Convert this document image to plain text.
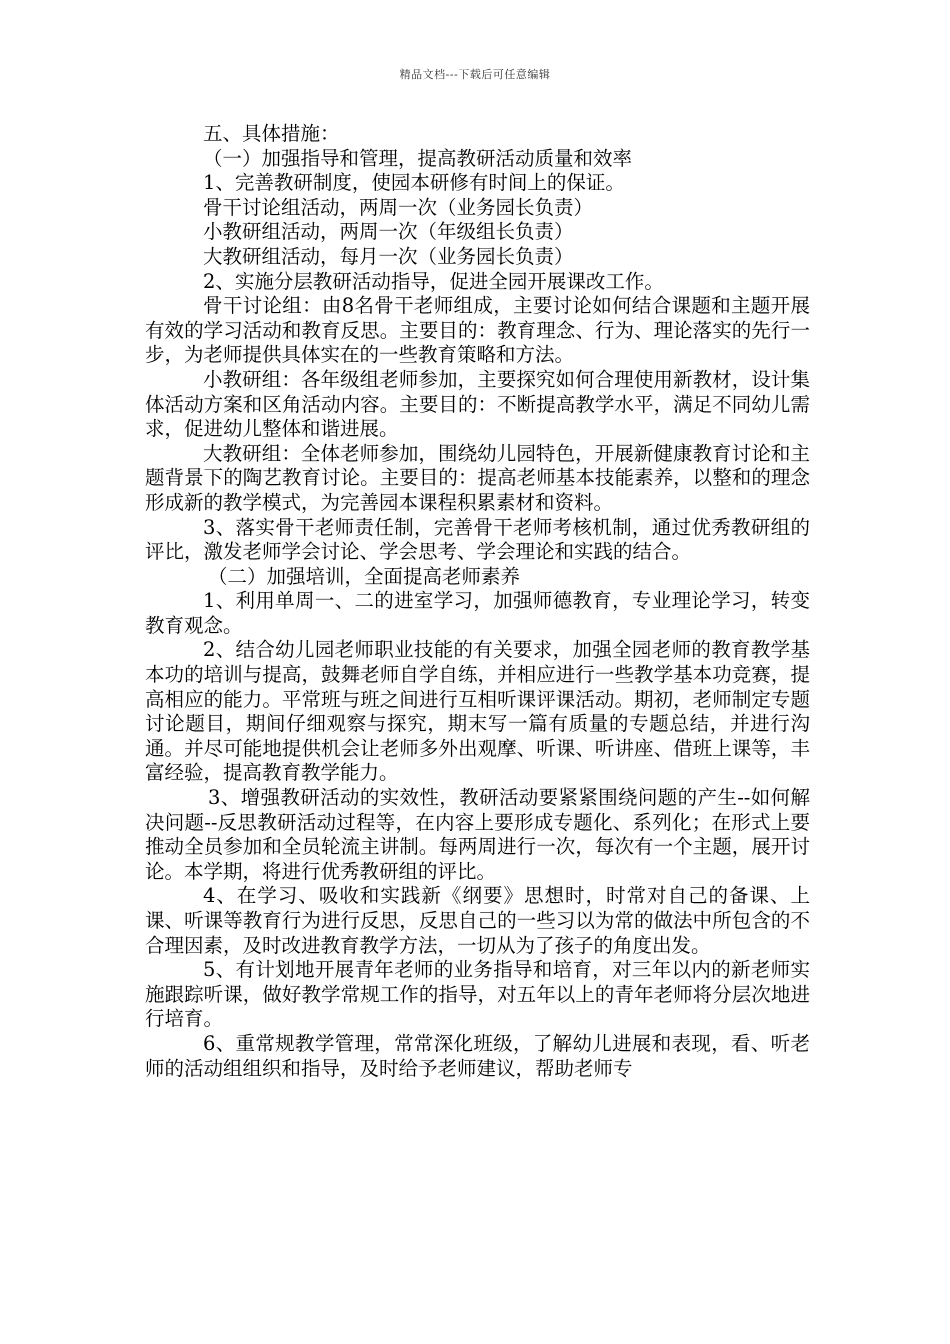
精品文档---下载后可任意编辑

五、具体措施：

（一）加强指导和管理，提高教研活动质量和效率

1、完善教研制度，使园本研修有时间上的保证。

骨干讨论组活动，两周一次（业务园长负责）

小教研组活动，两周一次（年级组长负责）

大教研组活动，每月一次（业务园长负责）

2、实施分层教研活动指导，促进全园开展课改工作。

骨干讨论组：由8名骨干老师组成，主要讨论如何结合课题和主题开展有效的学习活动和教育反思。主要目的：教育理念、行为、理论落实的先行一步，为老师提供具体实在的一些教育策略和方法。

小教研组：各年级组老师参加，主要探究如何合理使用新教材，设计集体活动方案和区角活动内容。主要目的：不断提高教学水平，满足不同幼儿需求，促进幼儿整体和谐进展。

大教研组：全体老师参加，围绕幼儿园特色，开展新健康教育讨论和主题背景下的陶艺教育讨论。主要目的：提高老师基本技能素养，以整和的理念形成新的教学模式，为完善园本课程积累素材和资料。

3、落实骨干老师责任制，完善骨干老师考核机制，通过优秀教研组的评比，激发老师学会讨论、学会思考、学会理论和实践的结合。

（二）加强培训，全面提高老师素养

1、利用单周一、二的进室学习，加强师德教育，专业理论学习，转变教育观念。

2、结合幼儿园老师职业技能的有关要求，加强全园老师的教育教学基本功的培训与提高，鼓舞老师自学自练，并相应进行一些教学基本功竞赛，提高相应的能力。平常班与班之间进行互相听课评课活动。期初，老师制定专题讨论题目，期间仔细观察与探究，期末写一篇有质量的专题总结，并进行沟通。并尽可能地提供机会让老师多外出观摩、听课、听讲座、借班上课等，丰富经验，提高教育教学能力。

3、增强教研活动的实效性，教研活动要紧紧围绕问题的产生--如何解决问题--反思教研活动过程等，在内容上要形成专题化、系列化；在形式上要推动全员参加和全员轮流主讲制。每两周进行一次，每次有一个主题，展开讨论。本学期，将进行优秀教研组的评比。

4、在学习、吸收和实践新《纲要》思想时，时常对自己的备课、上课、听课等教育行为进行反思，反思自己的一些习以为常的做法中所包含的不合理因素，及时改进教育教学方法，一切从为了孩子的角度出发。

5、有计划地开展青年老师的业务指导和培育，对三年以内的新老师实施跟踪听课，做好教学常规工作的指导，对五年以上的青年老师将分层次地进行培育。

6、重常规教学管理，常常深化班级，了解幼儿进展和表现，看、听老师的活动组组织和指导，及时给予老师建议，帮助老师专
